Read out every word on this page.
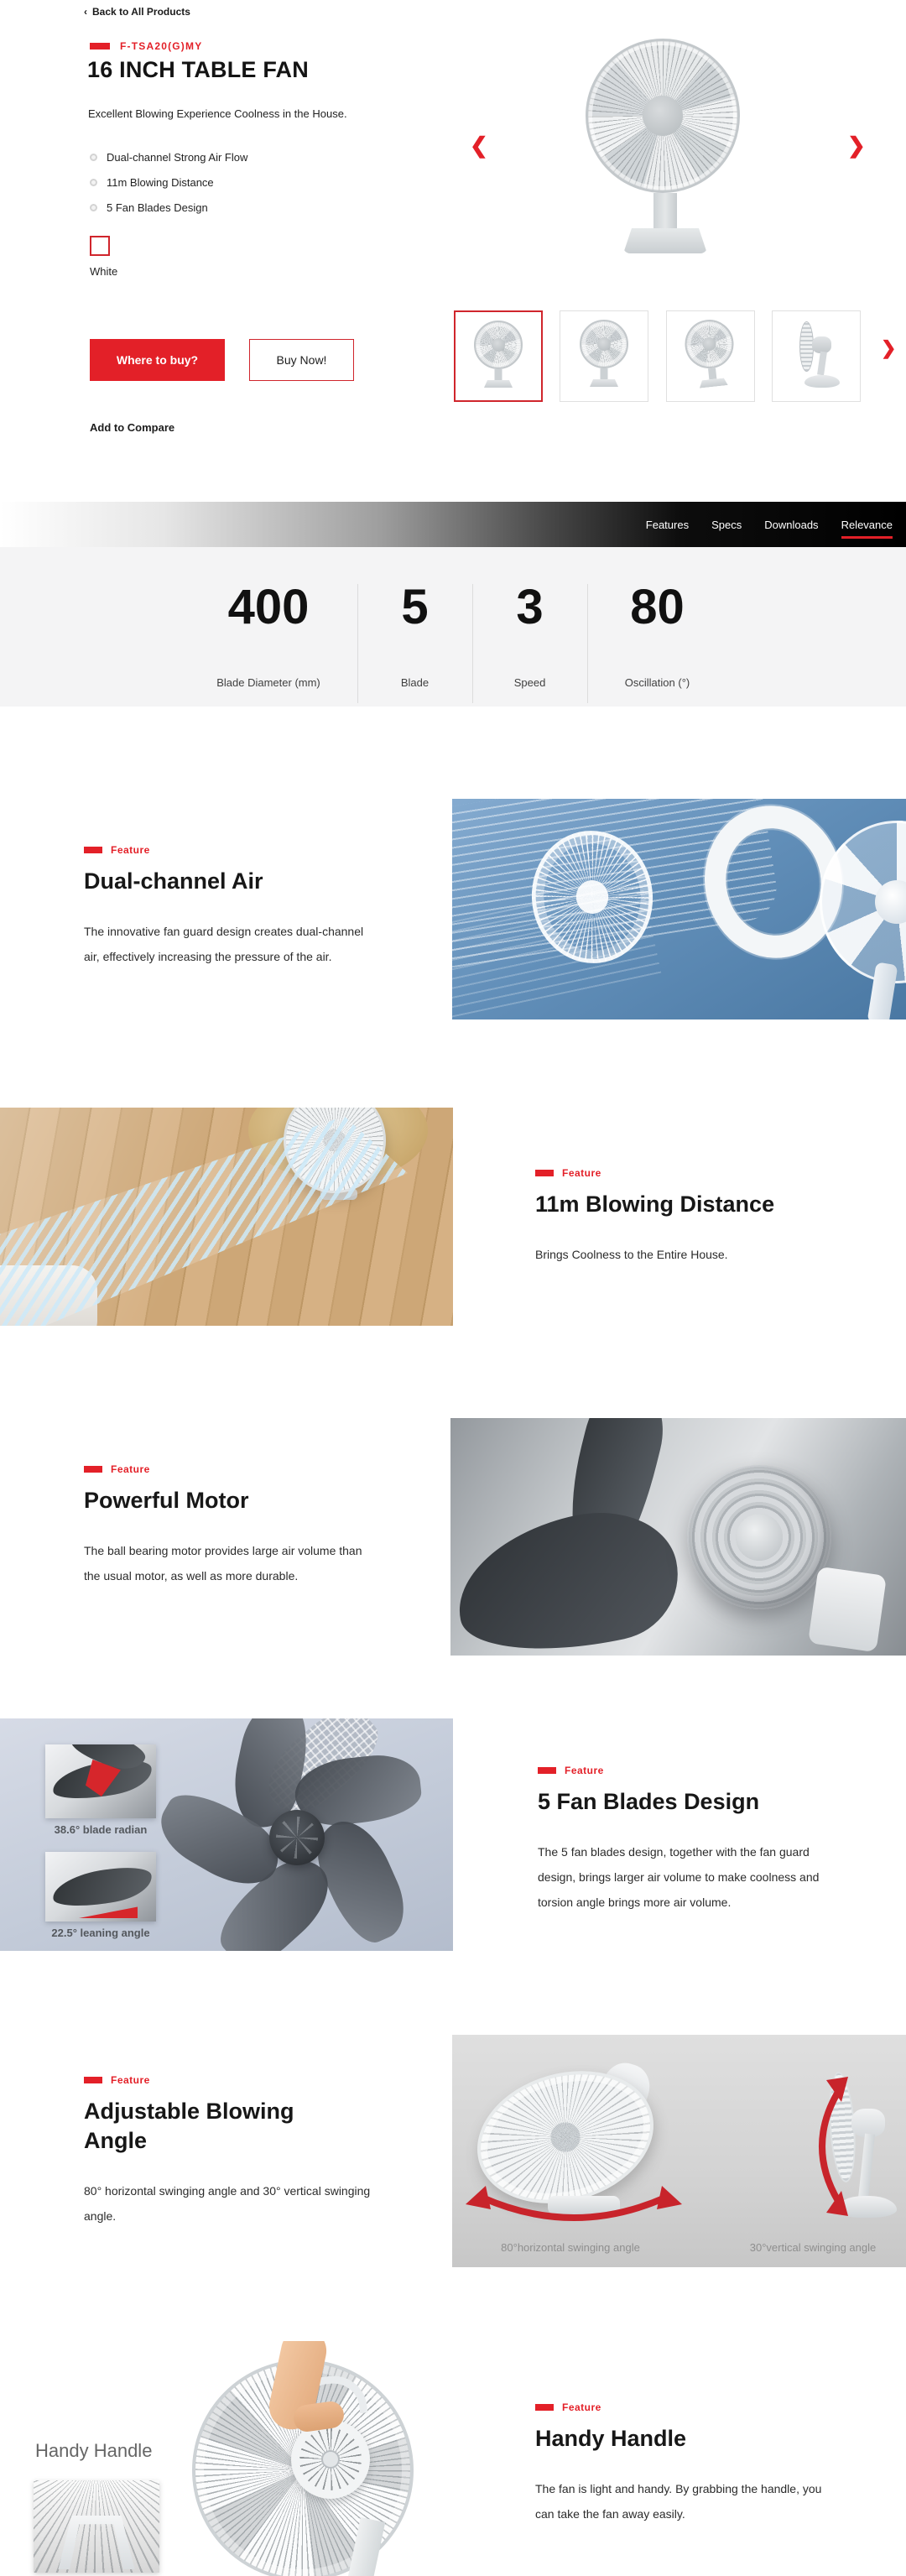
‹ Back to All Products
F-TSA20(G)MY
16 INCH TABLE FAN

Excellent Blowing Experience Coolness in the House.

Dual-channel Strong Air Flow
11m Blowing Distance
5 Fan Blades Design
White
Where to buy?	Buy Now!
Add to Compare
❮	❯
❯
Features Specs Downloads Relevance
400
Blade Diameter (mm)
5
Blade
3
Speed
80
Oscillation (°)
Feature
Dual-channel Air
The innovative fan guard design creates dual-channel air, effectively increasing the pressure of the air.
Feature
11m Blowing Distance
Brings Coolness to the Entire House.
Feature
Powerful Motor
The ball bearing motor provides large air volume than the usual motor, as well as more durable.
38.6° blade radian
22.5° leaning angle
Feature
5 Fan Blades Design
The 5 fan blades design, together with the fan guard design, brings larger air volume to make coolness and torsion angle brings more air volume.
Feature
Adjustable Blowing Angle
80° horizontal swinging angle and 30° vertical swinging angle.
80°horizontal swinging angle	30°vertical swinging angle
Handy Handle
Feature
Handy Handle
The fan is light and handy. By grabbing the handle, you can take the fan away easily.
